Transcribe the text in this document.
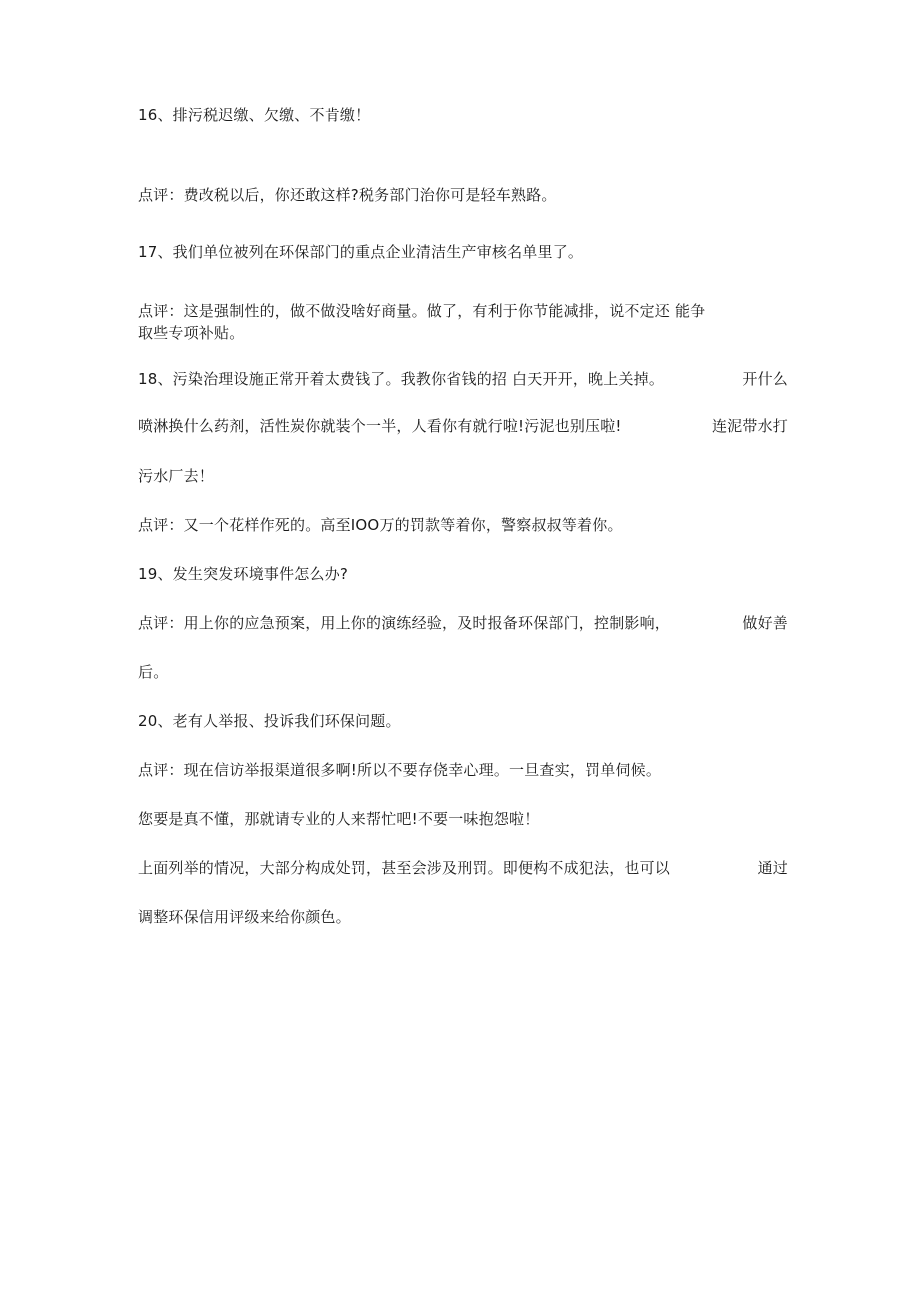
16、排污税迟缴、欠缴、不肯缴！
点评：费改税以后，你还敢这样?税务部门治你可是轻车熟路。
17、我们单位被列在环保部门的重点企业清洁生产审核名单里了。
点评：这是强制性的，做不做没啥好商量。做了，有利于你节能减排，说不定还 能争
取些专项补贴。
18、污染治理设施正常开着太费钱了。我教你省钱的招 白天开开，晚上关掉。	开什么
喷淋换什么药剂，活性炭你就装个一半，人看你有就行啦!污泥也别压啦!	连泥带水打
污水厂去！
点评：又一个花样作死的。高至IOO万的罚款等着你，警察叔叔等着你。
19、发生突发环境事件怎么办?
点评：用上你的应急预案，用上你的演练经验，及时报备环保部门，控制影响，	做好善
后。
20、老有人举报、投诉我们环保问题。
点评：现在信访举报渠道很多啊!所以不要存侥幸心理。一旦查实，罚单伺候。
您要是真不懂，那就请专业的人来帮忙吧!不要一味抱怨啦！
上面列举的情况，大部分构成处罚，甚至会涉及刑罚。即便构不成犯法，也可以	通过
调整环保信用评级来给你颜色。
